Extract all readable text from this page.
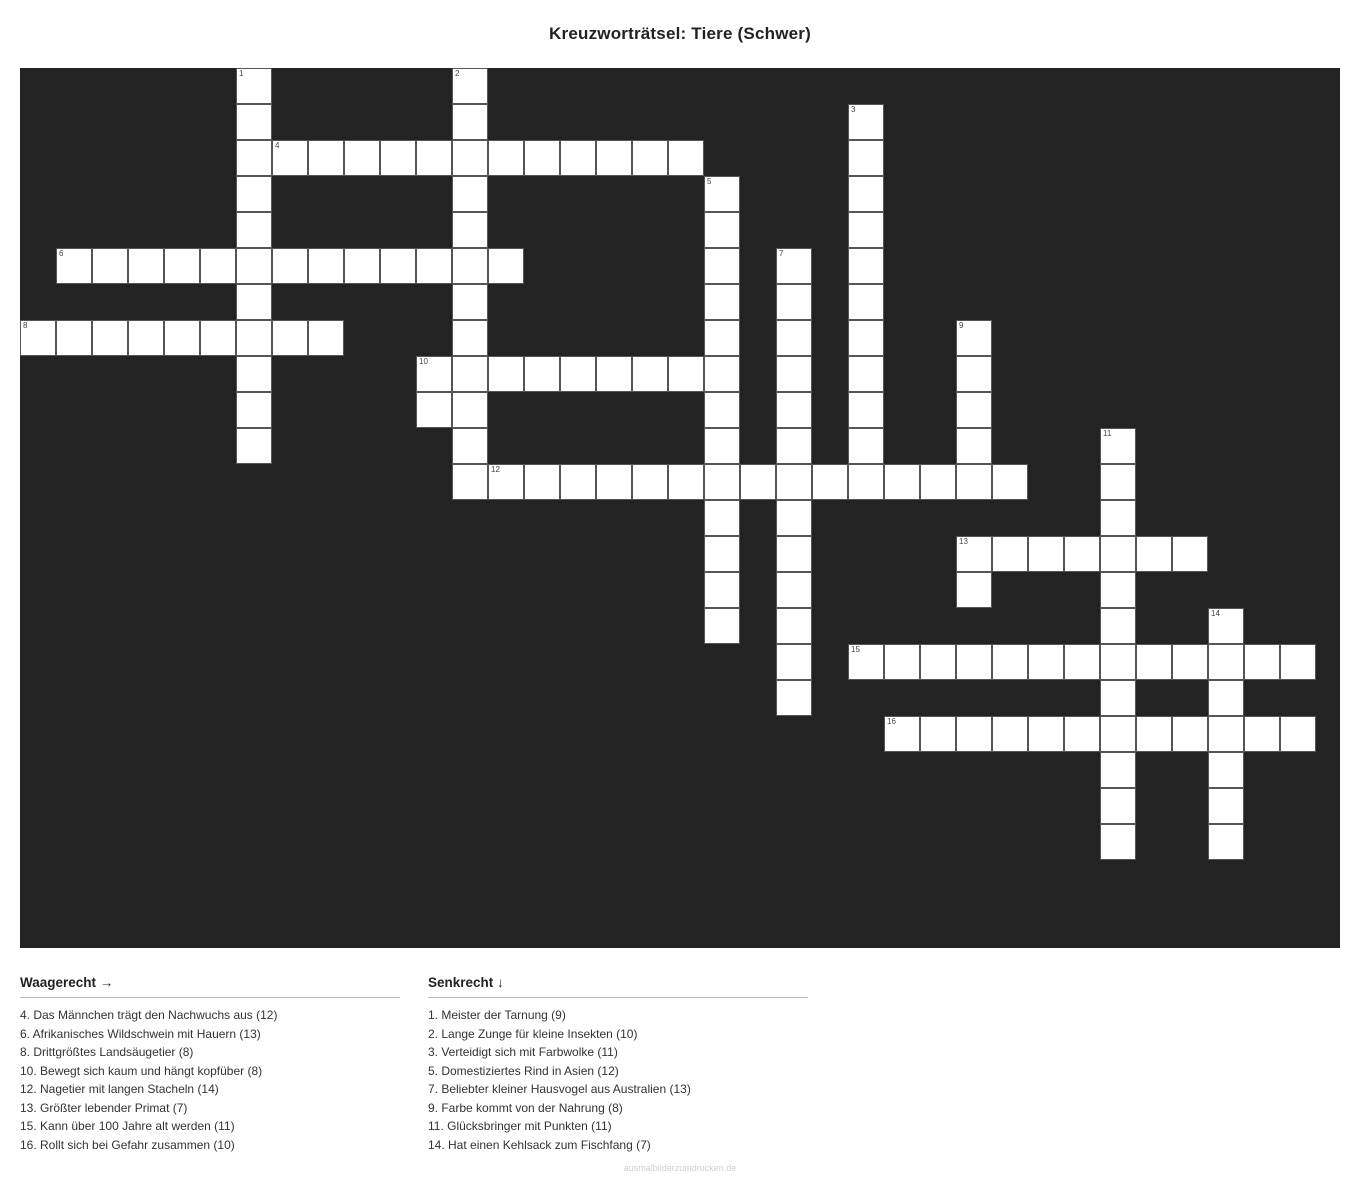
Kreuzworträtsel: Tiere (Schwer)
1	2
3
4
5
6	7
8	9
10
11
12
13
14
15
16
Waagerecht →
4. Das Männchen trägt den Nachwuchs aus (12)
6. Afrikanisches Wildschwein mit Hauern (13)
8. Drittgrößtes Landsäugetier (8)
10. Bewegt sich kaum und hängt kopfüber (8)
12. Nagetier mit langen Stacheln (14)
13. Größter lebender Primat (7)
15. Kann über 100 Jahre alt werden (11)
16. Rollt sich bei Gefahr zusammen (10)
Senkrecht ↓
1. Meister der Tarnung (9)
2. Lange Zunge für kleine Insekten (10)
3. Verteidigt sich mit Farbwolke (11)
5. Domestiziertes Rind in Asien (12)
7. Beliebter kleiner Hausvogel aus Australien (13)
9. Farbe kommt von der Nahrung (8)
11. Glücksbringer mit Punkten (11)
14. Hat einen Kehlsack zum Fischfang (7)
ausmalbilderzumdrucken.de
